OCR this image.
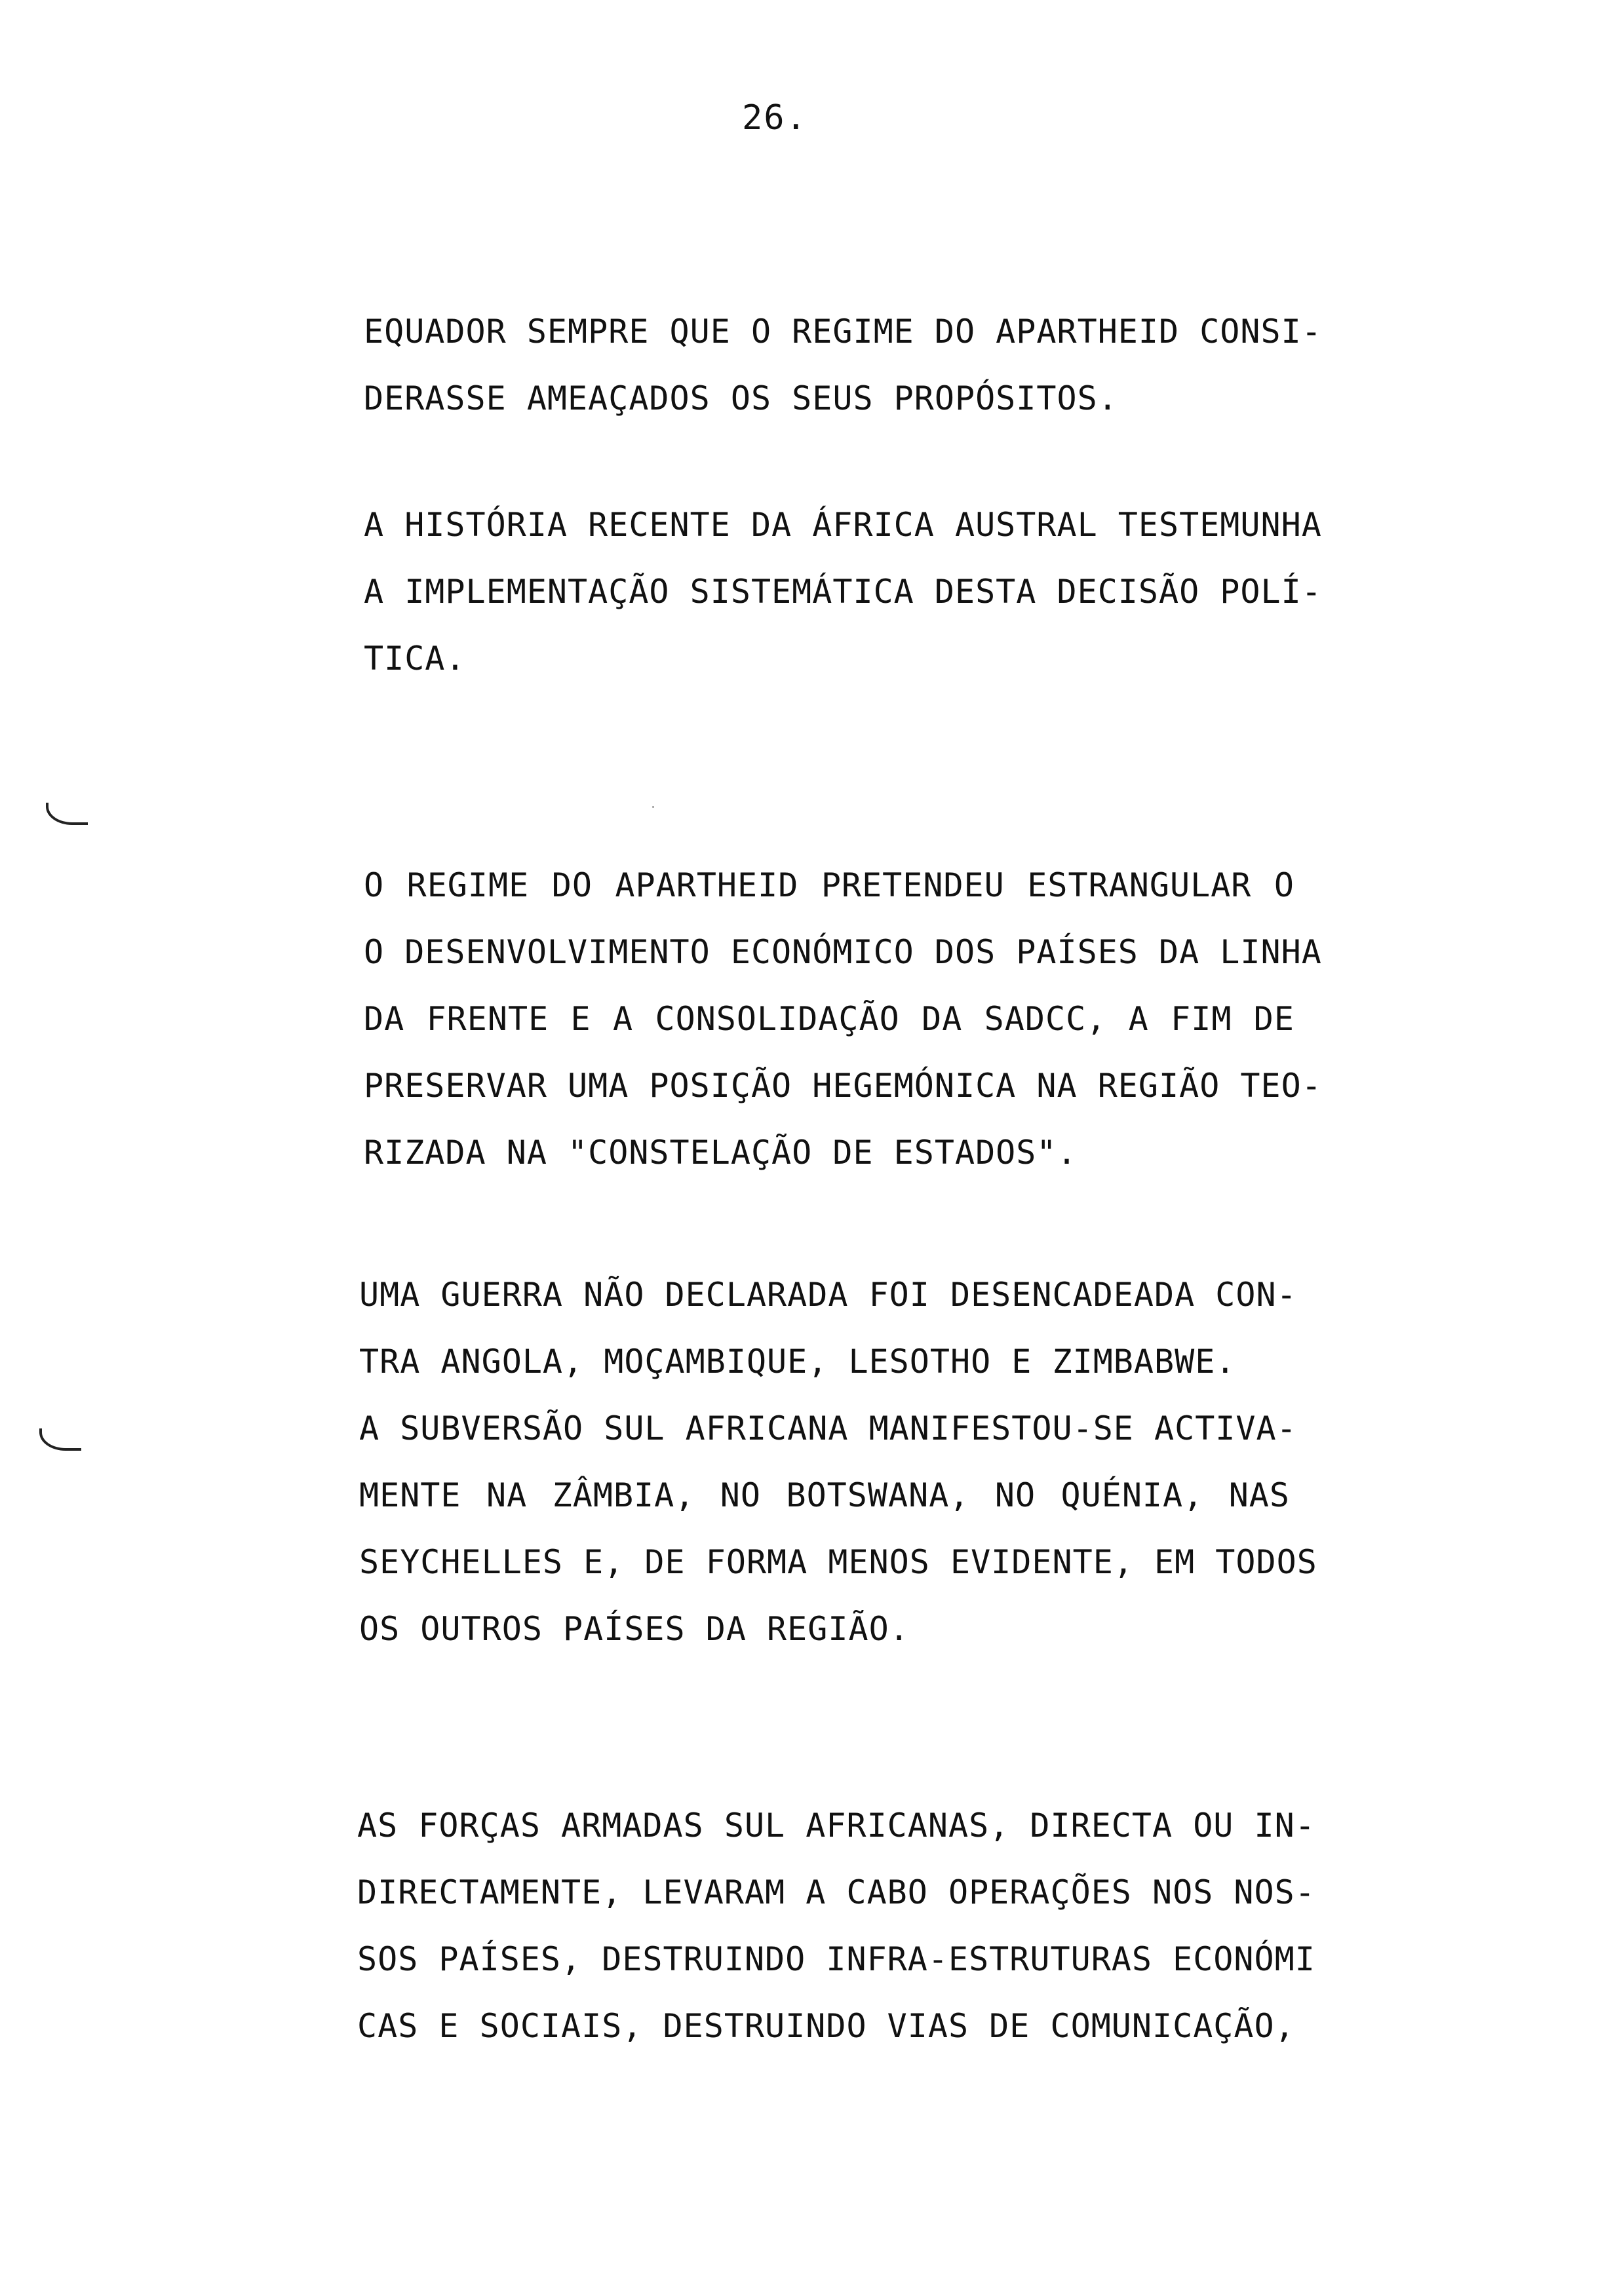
26.
EQUADOR SEMPRE QUE O REGIME DO APARTHEID CONSI-
DERASSE AMEAÇADOS OS SEUS PROPÓSITOS.
A HISTÓRIA RECENTE DA ÁFRICA AUSTRAL TESTEMUNHA
A IMPLEMENTAÇÃO SISTEMÁTICA DESTA DECISÃO POLÍ-
TICA.
O REGIME DO APARTHEID PRETENDEU ESTRANGULAR O
O DESENVOLVIMENTO ECONÓMICO DOS PAÍSES DA LINHA
DA FRENTE E A CONSOLIDAÇÃO DA SADCC, A FIM DE
PRESERVAR UMA POSIÇÃO HEGEMÓNICA NA REGIÃO TEO-
RIZADA NA "CONSTELAÇÃO DE ESTADOS".
UMA GUERRA NÃO DECLARADA FOI DESENCADEADA CON-
TRA ANGOLA, MOÇAMBIQUE, LESOTHO E ZIMBABWE.
A SUBVERSÃO SUL AFRICANA MANIFESTOU-SE ACTIVA-
MENTE NA ZÂMBIA, NO BOTSWANA, NO QUÉNIA, NAS
SEYCHELLES E, DE FORMA MENOS EVIDENTE, EM TODOS
OS OUTROS PAÍSES DA REGIÃO.
AS FORÇAS ARMADAS SUL AFRICANAS, DIRECTA OU IN-
DIRECTAMENTE, LEVARAM A CABO OPERAÇÕES NOS NOS-
SOS PAÍSES, DESTRUINDO INFRA-ESTRUTURAS ECONÓMI
CAS E SOCIAIS, DESTRUINDO VIAS DE COMUNICAÇÃO,
